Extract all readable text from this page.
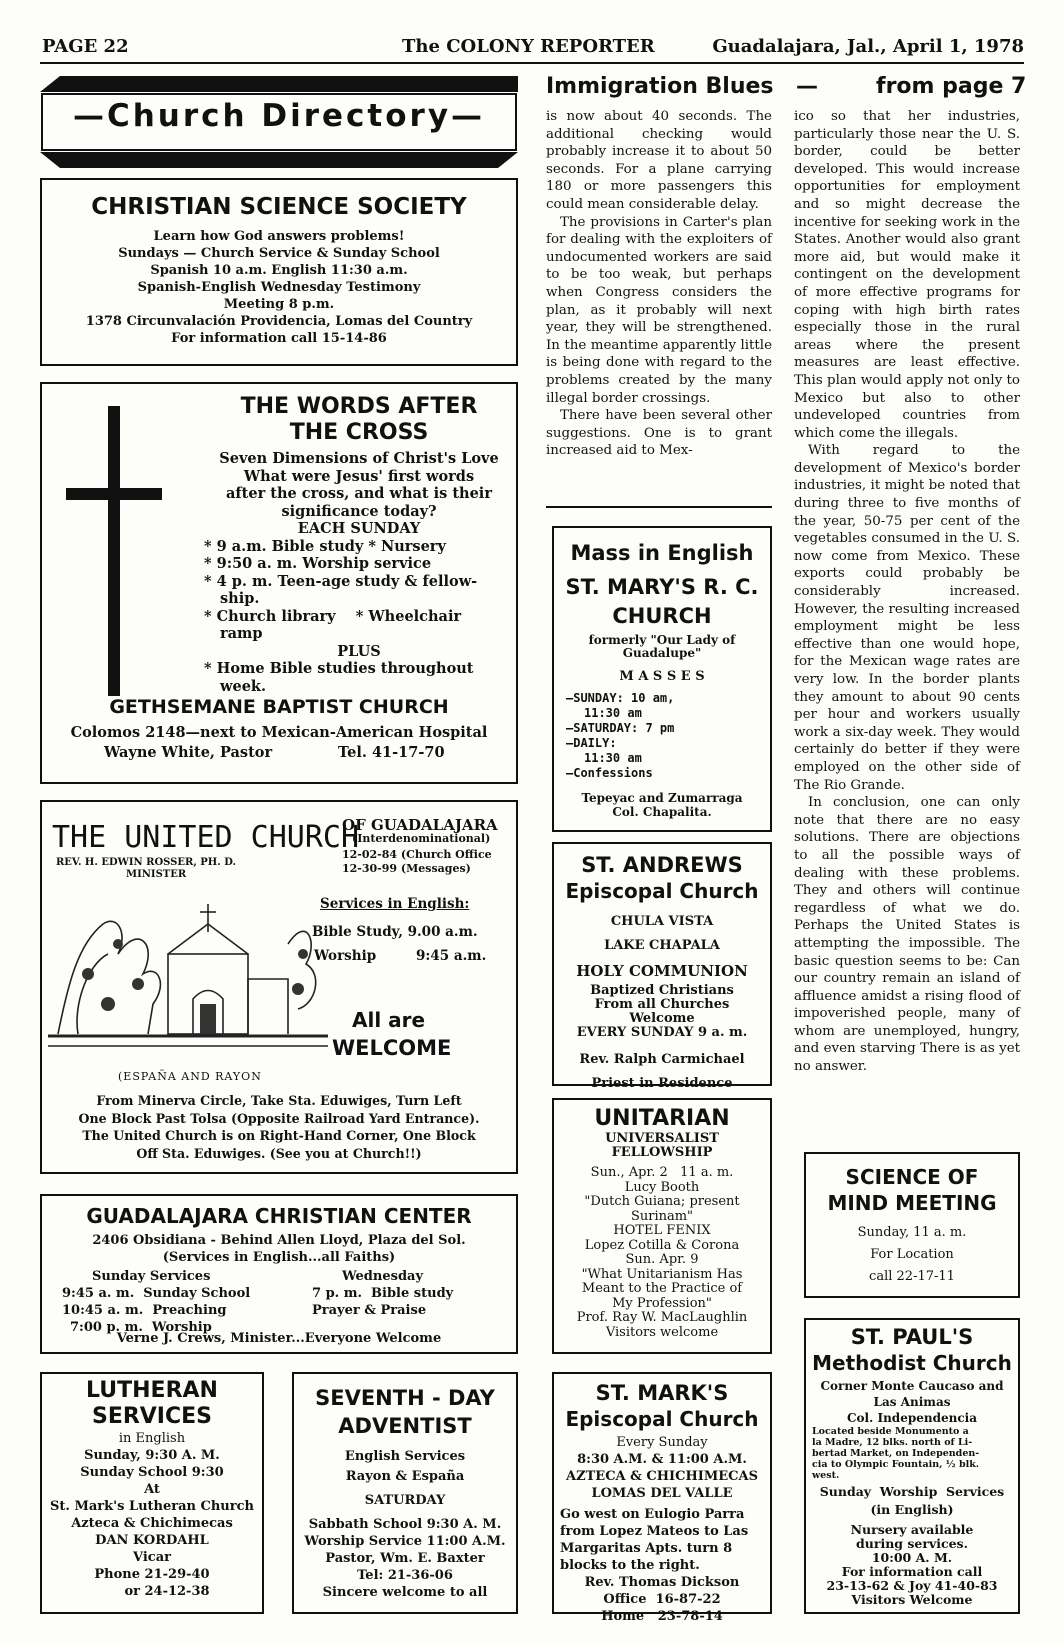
PAGE 22	The COLONY REPORTER	Guadalajara, Jal., April 1, 1978
—Church Directory—
CHRISTIAN SCIENCE SOCIETY
Learn how God answers problems!
Sundays — Church Service & Sunday School
Spanish 10 a.m. English 11:30 a.m.
Spanish-English Wednesday Testimony
Meeting 8 p.m.
1378 Circunvalación Providencia, Lomas del Country
For information call 15-14-86
THE WORDS AFTER
THE CROSS
Seven Dimensions of Christ's Love
What were Jesus' first words
after the cross, and what is their
significance today?
EACH SUNDAY
* 9 a.m. Bible study * Nursery
* 9:50 a. m. Worship service
* 4 p. m. Teen-age study & fellow-
ship.
* Church library    * Wheelchair
ramp
PLUS
* Home Bible studies throughout
week.
GETHSEMANE BAPTIST CHURCH
Colomos 2148—next to Mexican-American Hospital
Wayne White, Pastor	Tel. 41-17-70
THE UNITED CHURCH
OF GUADALAJARA
(Interdenominational)
REV. H. EDWIN ROSSER, PH. D.
MINISTER
12-02-84 (Church Office
12-30-99 (Messages)
Services in English:
Bible Study, 9.00 a.m.
Worship	9:45 a.m.
All are
WELCOME
(ESPAÑA AND RAYON
From Minerva Circle, Take Sta. Eduwiges, Turn Left
One Block Past Tolsa (Opposite Railroad Yard Entrance).
The United Church is on Right-Hand Corner, One Block
Off Sta. Eduwiges. (See you at Church!!)
GUADALAJARA CHRISTIAN CENTER
2406 Obsidiana - Behind Allen Lloyd, Plaza del Sol.
(Services in English...all Faiths)
Sunday Services
9:45 a. m.  Sunday School
10:45 a. m.  Preaching
7:00 p. m.  Worship
Wednesday
7 p. m.  Bible study
Prayer & Praise
Verne J. Crews, Minister...Everyone Welcome
LUTHERAN
SERVICES
in English
Sunday, 9:30 A. M.
Sunday School 9:30
At
St. Mark's Lutheran Church
Azteca & Chichimecas
DAN KORDAHL
Vicar
Phone 21-29-40
or 24-12-38
SEVENTH - DAY
ADVENTIST
English Services
Rayon & España
SATURDAY
Sabbath School 9:30 A. M.
Worship Service 11:00 A.M.
Pastor, Wm. E. Baxter
Tel: 21-36-06
Sincere welcome to all
Immigration Blues —	from page 7

is now about 40 seconds. The additional checking would probably increase it to about 50 seconds. For a plane carrying 180 or more passengers this could mean considerable delay.

The provisions in Carter's plan for dealing with the exploiters of undocumented workers are said to be too weak, but perhaps when Congress considers the plan, as it probably will next year, they will be strengthened. In the meantime apparently little is being done with regard to the problems created by the many illegal border crossings.

There have been several other suggestions. One is to grant increased aid to Mex-

ico so that her industries, particularly those near the U. S. border, could be better developed. This would increase opportunities for employment and so might decrease the incentive for seeking work in the States. Another would also grant more aid, but would make it contingent on the development of more effective programs for coping with high birth rates especially those in the rural areas where the present measures are least effective. This plan would apply not only to Mexico but also to other undeveloped countries from which come the illegals.

With regard to the development of Mexico's border industries, it might be noted that during three to five months of the year, 50-75 per cent of the vegetables consumed in the U. S. now come from Mexico. These exports could probably be considerably increased. However, the resulting increased employment might be less effective than one would hope, for the Mexican wage rates are very low. In the border plants they amount to about 90 cents per hour and workers usually work a six-day week. They would certainly do better if they were employed on the other side of The Rio Grande.

In conclusion, one can only note that there are no easy solutions. There are objections to all the possible ways of dealing with these problems. They and others will continue regardless of what we do. Perhaps the United States is attempting the impossible. The basic question seems to be: Can our country remain an island of affluence amidst a rising flood of impoverished people, many of whom are unemployed, hungry, and even starving There is as yet no answer.

Mass in English
ST. MARY'S R. C.
CHURCH
formerly "Our Lady of
Guadalupe"
M A S S E S
—SUNDAY: 10 am,
11:30 am
—SATURDAY: 7 pm
—DAILY:
11:30 am
—Confessions
Tepeyac and Zumarraga
Col. Chapalita.
ST. ANDREWS
Episcopal Church
CHULA VISTA
LAKE CHAPALA
HOLY COMMUNION
Baptized Christians
From all Churches Welcome
EVERY SUNDAY 9 a. m.
Rev. Ralph Carmichael
Priest in Residence
UNITARIAN
UNIVERSALIST
FELLOWSHIP
Sun., Apr. 2   11 a. m.
Lucy Booth
"Dutch Guiana; present
Surinam"
HOTEL FENIX
Lopez Cotilla & Corona
Sun. Apr. 9
"What Unitarianism Has
Meant to the Practice of
My Profession"
Prof. Ray W. MacLaughlin
Visitors welcome
ST. MARK'S
Episcopal Church
Every Sunday
8:30 A.M. & 11:00 A.M.
AZTECA & CHICHIMECAS
LOMAS DEL VALLE
Go west on Eulogio Parra
from Lopez Mateos to Las
Margaritas Apts. turn 8
blocks to the right.
Rev. Thomas Dickson
Office  16-87-22
Home   23-78-14
SCIENCE OF
MIND MEETING
Sunday, 11 a. m.
For Location
call 22-17-11
ST. PAUL'S
Methodist Church
Corner Monte Caucaso and
Las Animas
Col. Independencia
Located beside Monumento a
la Madre, 12 blks. north of Li-
bertad Market, on Independen-
cia to Olympic Fountain, ½ blk.
west.
Sunday  Worship  Services
(in English)
Nursery available
during services.
10:00 A. M.
For information call
23-13-62 & Joy 41-40-83
Visitors Welcome
